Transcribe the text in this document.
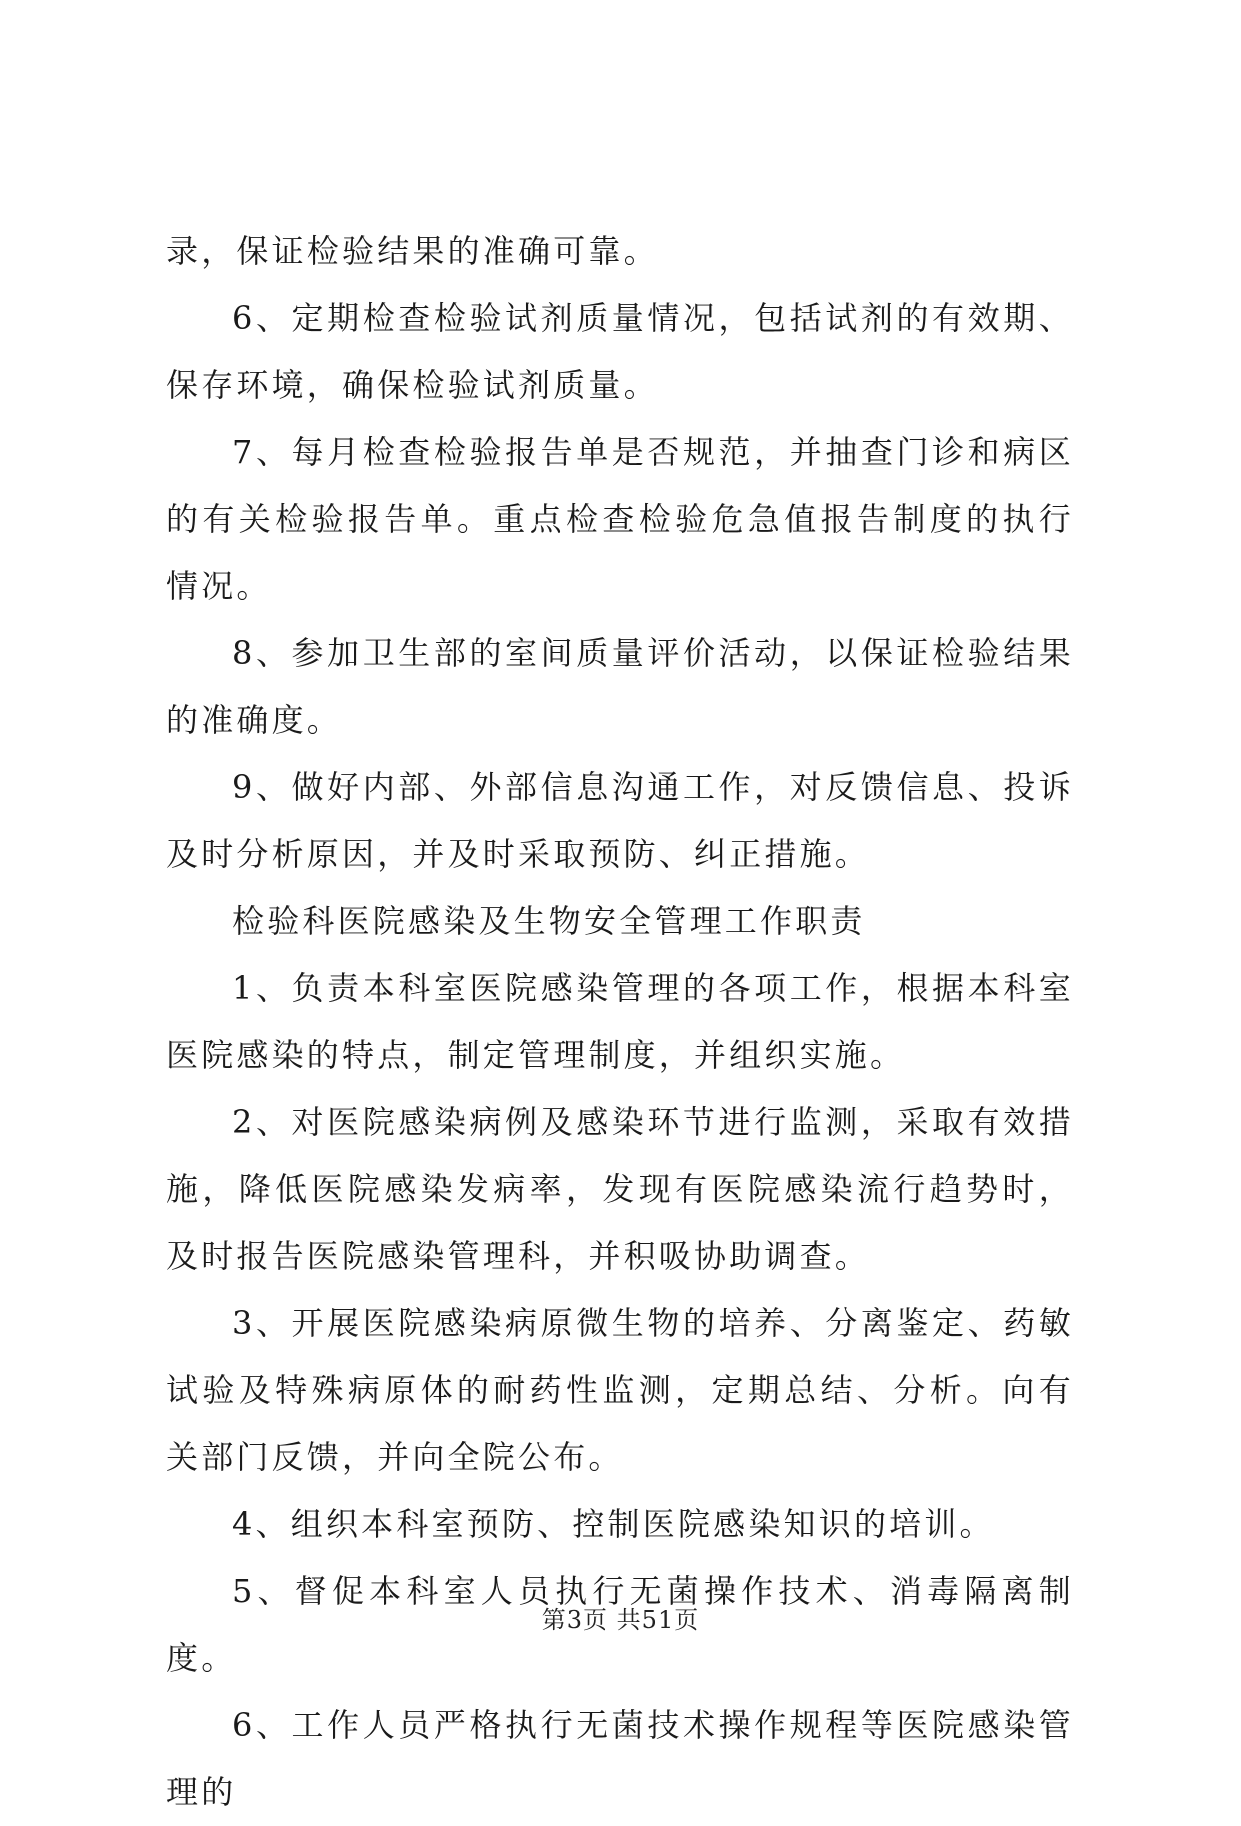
录，保证检验结果的准确可靠。

6、定期检查检验试剂质量情况，包括试剂的有效期、保存环境，确保检验试剂质量。

7、每月检查检验报告单是否规范，并抽查门诊和病区的有关检验报告单。重点检查检验危急值报告制度的执行情况。

8、参加卫生部的室间质量评价活动，以保证检验结果的准确度。

9、做好内部、外部信息沟通工作，对反馈信息、投诉及时分析原因，并及时采取预防、纠正措施。

检验科医院感染及生物安全管理工作职责

1、负责本科室医院感染管理的各项工作，根据本科室医院感染的特点，制定管理制度，并组织实施。

2、对医院感染病例及感染环节进行监测，采取有效措施，降低医院感染发病率，发现有医院感染流行趋势时，及时报告医院感染管理科，并积吸协助调查。

3、开展医院感染病原微生物的培养、分离鉴定、药敏试验及特殊病原体的耐药性监测，定期总结、分析。向有关部门反馈，并向全院公布。

4、组织本科室预防、控制医院感染知识的培训。

5、督促本科室人员执行无菌操作技术、消毒隔离制度。

6、工作人员严格执行无菌技术操作规程等医院感染管理的

第3页 共51页
